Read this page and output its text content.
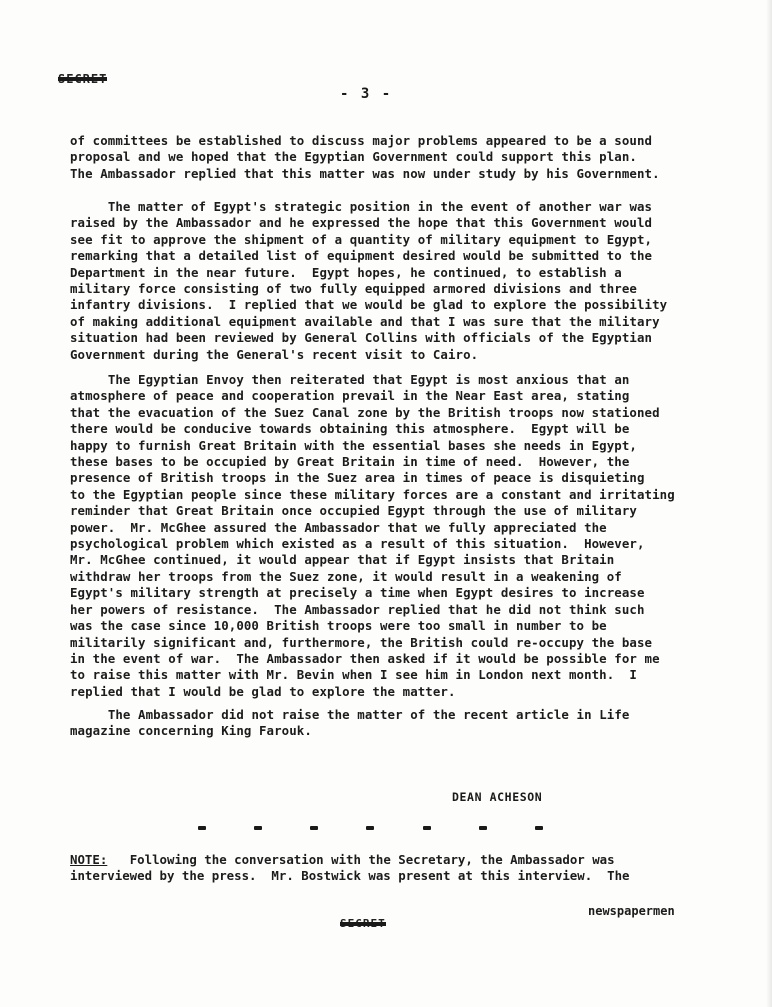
- 3 -

of committees be established to discuss major problems appeared to be a sound
proposal and we hoped that the Egyptian Government could support this plan.
The Ambassador replied that this matter was now under study by his Government.

The matter of Egypt's strategic position in the event of another war was
raised by the Ambassador and he expressed the hope that this Government would
see fit to approve the shipment of a quantity of military equipment to Egypt,
remarking that a detailed list of equipment desired would be submitted to the
Department in the near future.  Egypt hopes, he continued, to establish a
military force consisting of two fully equipped armored divisions and three
infantry divisions.  I replied that we would be glad to explore the possibility
of making additional equipment available and that I was sure that the military
situation had been reviewed by General Collins with officials of the Egyptian
Government during the General's recent visit to Cairo.

The Egyptian Envoy then reiterated that Egypt is most anxious that an
atmosphere of peace and cooperation prevail in the Near East area, stating
that the evacuation of the Suez Canal zone by the British troops now stationed
there would be conducive towards obtaining this atmosphere.  Egypt will be
happy to furnish Great Britain with the essential bases she needs in Egypt,
these bases to be occupied by Great Britain in time of need.  However, the
presence of British troops in the Suez area in times of peace is disquieting
to the Egyptian people since these military forces are a constant and irritating
reminder that Great Britain once occupied Egypt through the use of military
power.  Mr. McGhee assured the Ambassador that we fully appreciated the
psychological problem which existed as a result of this situation.  However,
Mr. McGhee continued, it would appear that if Egypt insists that Britain
withdraw her troops from the Suez zone, it would result in a weakening of
Egypt's military strength at precisely a time when Egypt desires to increase
her powers of resistance.  The Ambassador replied that he did not think such
was the case since 10,000 British troops were too small in number to be
militarily significant and, furthermore, the British could re-occupy the base
in the event of war.  The Ambassador then asked if it would be possible for me
to raise this matter with Mr. Bevin when I see him in London next month.  I
replied that I would be glad to explore the matter.

The Ambassador did not raise the matter of the recent article in Life
magazine concerning King Farouk.

DEAN ACHESON
NOTE:   Following the conversation with the Secretary, the Ambassador was
interviewed by the press.  Mr. Bostwick was present at this interview.  The
newspapermen
